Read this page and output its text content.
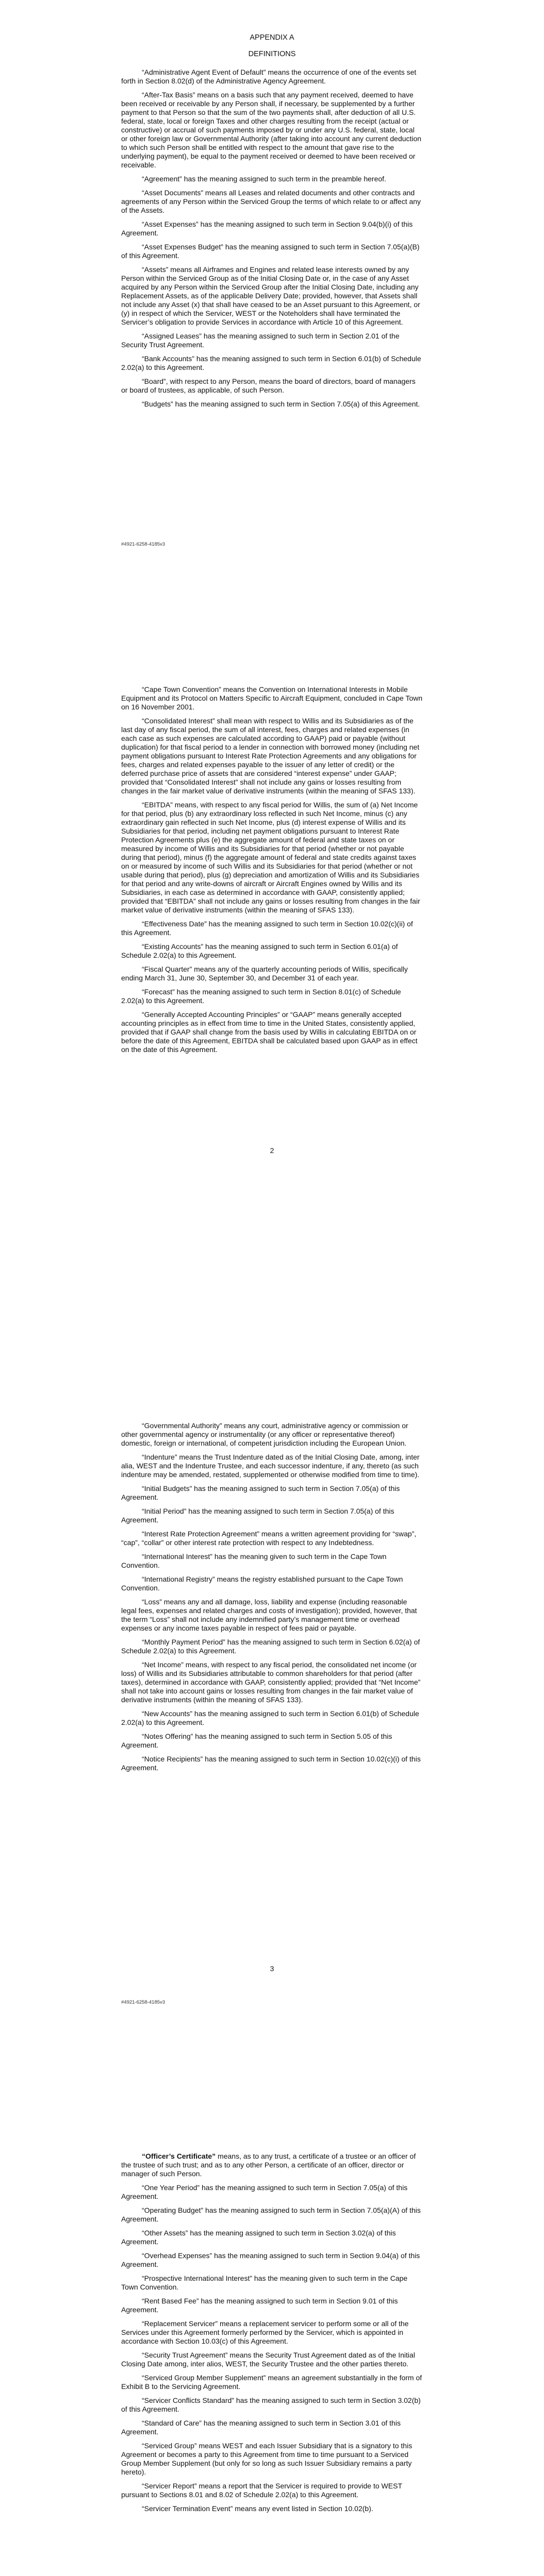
APPENDIX A

DEFINITIONS

“Administrative Agent Event of Default” means the occurrence of one of the events set forth in Section 8.02(d) of the Administrative Agency Agreement.

“After-Tax Basis” means on a basis such that any payment received, deemed to have been received or receivable by any Person shall, if necessary, be supplemented by a further payment to that Person so that the sum of the two payments shall, after deduction of all U.S. federal, state, local or foreign Taxes and other charges resulting from the receipt (actual or constructive) or accrual of such payments imposed by or under any U.S. federal, state, local or other foreign law or Governmental Authority (after taking into account any current deduction to which such Person shall be entitled with respect to the amount that gave rise to the underlying payment), be equal to the payment received or deemed to have been received or receivable.

“Agreement” has the meaning assigned to such term in the preamble hereof.

“Asset Documents” means all Leases and related documents and other contracts and agreements of any Person within the Serviced Group the terms of which relate to or affect any of the Assets.

“Asset Expenses” has the meaning assigned to such term in Section 9.04(b)(i) of this Agreement.

“Asset Expenses Budget” has the meaning assigned to such term in Section 7.05(a)(B) of this Agreement.

“Assets” means all Airframes and Engines and related lease interests owned by any Person within the Serviced Group as of the Initial Closing Date or, in the case of any Asset acquired by any Person within the Serviced Group after the Initial Closing Date, including any Replacement Assets, as of the applicable Delivery Date; provided, however, that Assets shall not include any Asset (x) that shall have ceased to be an Asset pursuant to this Agreement, or (y) in respect of which the Servicer, WEST or the Noteholders shall have terminated the Servicer’s obligation to provide Services in accordance with Article 10 of this Agreement.

“Assigned Leases” has the meaning assigned to such term in Section 2.01 of the Security Trust Agreement.

“Bank Accounts” has the meaning assigned to such term in Section 6.01(b) of Schedule 2.02(a) to this Agreement.

“Board”, with respect to any Person, means the board of directors, board of managers or board of trustees, as applicable, of such Person.

“Budgets” has the meaning assigned to such term in Section 7.05(a) of this Agreement.

#4921-6258-4185v3

“Cape Town Convention” means the Convention on International Interests in Mobile Equipment and its Protocol on Matters Specific to Aircraft Equipment, concluded in Cape Town on 16 November 2001.

“Consolidated Interest” shall mean with respect to Willis and its Subsidiaries as of the last day of any fiscal period, the sum of all interest, fees, charges and related expenses (in each case as such expenses are calculated according to GAAP) paid or payable (without duplication) for that fiscal period to a lender in connection with borrowed money (including net payment obligations pursuant to Interest Rate Protection Agreements and any obligations for fees, charges and related expenses payable to the issuer of any letter of credit) or the deferred purchase price of assets that are considered “interest expense” under GAAP; provided that “Consolidated Interest” shall not include any gains or losses resulting from changes in the fair market value of derivative instruments (within the meaning of SFAS 133).

“EBITDA” means, with respect to any fiscal period for Willis, the sum of (a) Net Income for that period, plus (b) any extraordinary loss reflected in such Net Income, minus (c) any extraordinary gain reflected in such Net Income, plus (d) interest expense of Willis and its Subsidiaries for that period, including net payment obligations pursuant to Interest Rate Protection Agreements plus (e) the aggregate amount of federal and state taxes on or measured by income of Willis and its Subsidiaries for that period (whether or not payable during that period), minus (f) the aggregate amount of federal and state credits against taxes on or measured by income of such Willis and its Subsidiaries for that period (whether or not usable during that period), plus (g) depreciation and amortization of Willis and its Subsidiaries for that period and any write-downs of aircraft or Aircraft Engines owned by Willis and its Subsidiaries, in each case as determined in accordance with GAAP, consistently applied; provided that “EBITDA” shall not include any gains or losses resulting from changes in the fair market value of derivative instruments (within the meaning of SFAS 133).

“Effectiveness Date” has the meaning assigned to such term in Section 10.02(c)(ii) of this Agreement.

“Existing Accounts” has the meaning assigned to such term in Section 6.01(a) of Schedule 2.02(a) to this Agreement.

“Fiscal Quarter” means any of the quarterly accounting periods of Willis, specifically ending March 31, June 30, September 30, and December 31 of each year.

“Forecast” has the meaning assigned to such term in Section 8.01(c) of Schedule 2.02(a) to this Agreement.

“Generally Accepted Accounting Principles” or “GAAP” means generally accepted accounting principles as in effect from time to time in the United States, consistently applied, provided that if GAAP shall change from the basis used by Willis in calculating EBITDA on or before the date of this Agreement, EBITDA shall be calculated based upon GAAP as in effect on the date of this Agreement.

2

“Governmental Authority” means any court, administrative agency or commission or other governmental agency or instrumentality (or any officer or representative thereof) domestic, foreign or international, of competent jurisdiction including the European Union.

“Indenture” means the Trust Indenture dated as of the Initial Closing Date, among, inter alia, WEST and the Indenture Trustee, and each successor indenture, if any, thereto (as such indenture may be amended, restated, supplemented or otherwise modified from time to time).

“Initial Budgets” has the meaning assigned to such term in Section 7.05(a) of this Agreement.

“Initial Period” has the meaning assigned to such term in Section 7.05(a) of this Agreement.

“Interest Rate Protection Agreement” means a written agreement providing for “swap”, “cap”, “collar” or other interest rate protection with respect to any Indebtedness.

“International Interest” has the meaning given to such term in the Cape Town Convention.

“International Registry” means the registry established pursuant to the Cape Town Convention.

“Loss” means any and all damage, loss, liability and expense (including reasonable legal fees, expenses and related charges and costs of investigation); provided, however, that the term “Loss” shall not include any indemnified party’s management time or overhead expenses or any income taxes payable in respect of fees paid or payable.

“Monthly Payment Period” has the meaning assigned to such term in Section 6.02(a) of Schedule 2.02(a) to this Agreement.

“Net Income” means, with respect to any fiscal period, the consolidated net income (or loss) of Willis and its Subsidiaries attributable to common shareholders for that period (after taxes), determined in accordance with GAAP, consistently applied; provided that “Net Income” shall not take into account gains or losses resulting from changes in the fair market value of derivative instruments (within the meaning of SFAS 133).

“New Accounts” has the meaning assigned to such term in Section 6.01(b) of Schedule 2.02(a) to this Agreement.

“Notes Offering” has the meaning assigned to such term in Section 5.05 of this Agreement.

“Notice Recipients” has the meaning assigned to such term in Section 10.02(c)(i) of this Agreement.

3
#4921-6258-4185v3

“Officer’s Certificate” means, as to any trust, a certificate of a trustee or an officer of the trustee of such trust; and as to any other Person, a certificate of an officer, director or manager of such Person.

“One Year Period” has the meaning assigned to such term in Section 7.05(a) of this Agreement.

“Operating Budget” has the meaning assigned to such term in Section 7.05(a)(A) of this Agreement.

“Other Assets” has the meaning assigned to such term in Section 3.02(a) of this Agreement.

“Overhead Expenses” has the meaning assigned to such term in Section 9.04(a) of this Agreement.

“Prospective International Interest” has the meaning given to such term in the Cape Town Convention.

“Rent Based Fee” has the meaning assigned to such term in Section 9.01 of this Agreement.

“Replacement Servicer” means a replacement servicer to perform some or all of the Services under this Agreement formerly performed by the Servicer, which is appointed in accordance with Section 10.03(c) of this Agreement.

“Security Trust Agreement” means the Security Trust Agreement dated as of the Initial Closing Date among, inter alios, WEST, the Security Trustee and the other parties thereto.

“Serviced Group Member Supplement” means an agreement substantially in the form of Exhibit B to the Servicing Agreement.

“Servicer Conflicts Standard” has the meaning assigned to such term in Section 3.02(b) of this Agreement.

“Standard of Care” has the meaning assigned to such term in Section 3.01 of this Agreement.

“Serviced Group” means WEST and each Issuer Subsidiary that is a signatory to this Agreement or becomes a party to this Agreement from time to time pursuant to a Serviced Group Member Supplement (but only for so long as such Issuer Subsidiary remains a party hereto).

“Servicer Report” means a report that the Servicer is required to provide to WEST pursuant to Sections 8.01 and 8.02 of Schedule 2.02(a) to this Agreement.

“Servicer Termination Event” means any event listed in Section 10.02(b).
